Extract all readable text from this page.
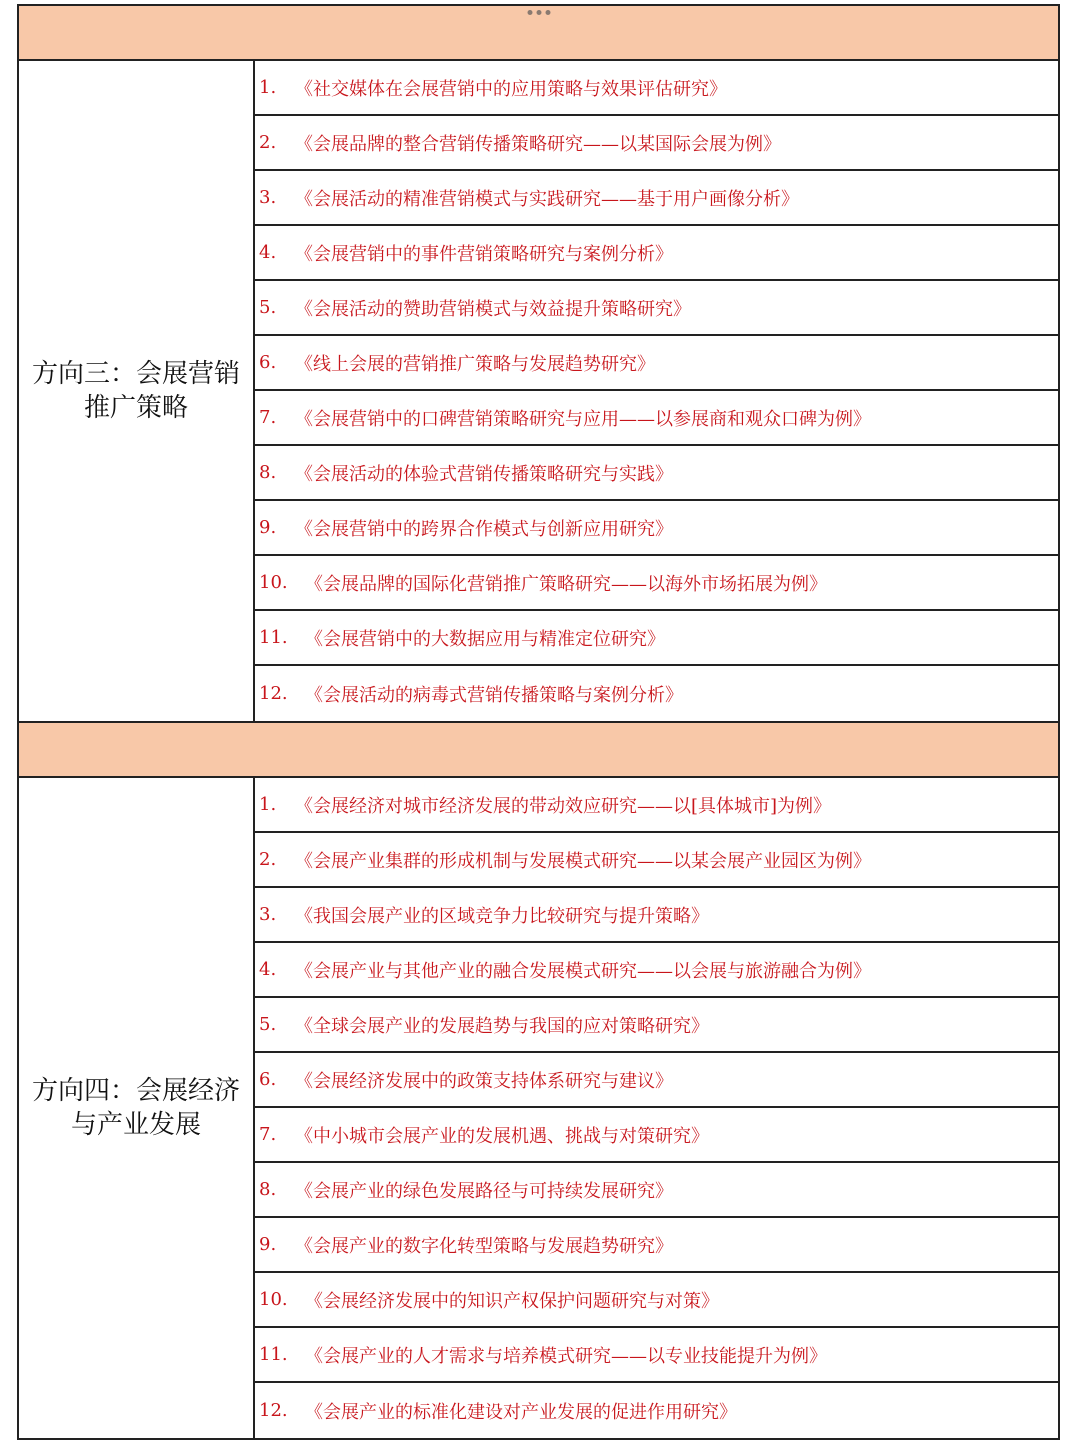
方向三：会展营销推广策略
1.	《社交媒体在会展营销中的应用策略与效果评估研究》
2.	《会展品牌的整合营销传播策略研究——以某国际会展为例》
3.	《会展活动的精准营销模式与实践研究——基于用户画像分析》
4.	《会展营销中的事件营销策略研究与案例分析》
5.	《会展活动的赞助营销模式与效益提升策略研究》
6.	《线上会展的营销推广策略与发展趋势研究》
7.	《会展营销中的口碑营销策略研究与应用——以参展商和观众口碑为例》
8.	《会展活动的体验式营销传播策略研究与实践》
9.	《会展营销中的跨界合作模式与创新应用研究》
10. 《会展品牌的国际化营销推广策略研究——以海外市场拓展为例》
11. 《会展营销中的大数据应用与精准定位研究》
12. 《会展活动的病毒式营销传播策略与案例分析》
方向四：会展经济与产业发展
1.	《会展经济对城市经济发展的带动效应研究——以[具体城市]为例》
2.	《会展产业集群的形成机制与发展模式研究——以某会展产业园区为例》
3.	《我国会展产业的区域竞争力比较研究与提升策略》
4.	《会展产业与其他产业的融合发展模式研究——以会展与旅游融合为例》
5.	《全球会展产业的发展趋势与我国的应对策略研究》
6.	《会展经济发展中的政策支持体系研究与建议》
7.	《中小城市会展产业的发展机遇、挑战与对策研究》
8.	《会展产业的绿色发展路径与可持续发展研究》
9.	《会展产业的数字化转型策略与发展趋势研究》
10. 《会展经济发展中的知识产权保护问题研究与对策》
11. 《会展产业的人才需求与培养模式研究——以专业技能提升为例》
12. 《会展产业的标准化建设对产业发展的促进作用研究》
